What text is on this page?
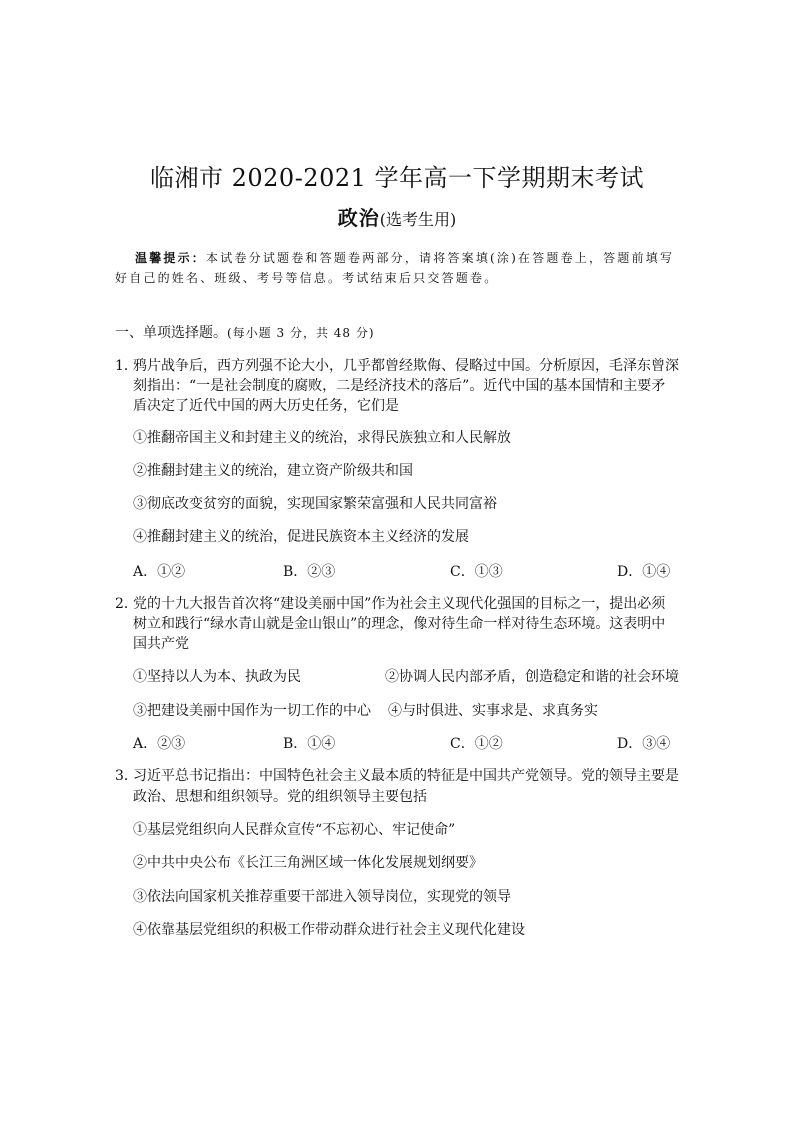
临湘市 2020-2021 学年高一下学期期末考试
政治(选考生用)
温馨提示：本试卷分试题卷和答题卷两部分，请将答案填(涂)在答题卷上，答题前填写
好自己的姓名、班级、考号等信息。考试结束后只交答题卷。
一、单项选择题。(每小题 3 分，共 48 分)
1．
鸦片战争后，西方列强不论大小，几乎都曾经欺侮、侵略过中国。分析原因，毛泽东曾深
刻指出：“一是社会制度的腐败，二是经济技术的落后”。近代中国的基本国情和主要矛
盾决定了近代中国的两大历史任务，它们是
①推翻帝国主义和封建主义的统治，求得民族独立和人民解放
②推翻封建主义的统治，建立资产阶级共和国
③彻底改变贫穷的面貌，实现国家繁荣富强和人民共同富裕
④推翻封建主义的统治，促进民族资本主义经济的发展
A．①②	B．②③	C．①③	D．①④
2．
党的十九大报告首次将“建设美丽中国”作为社会主义现代化强国的目标之一，提出必须
树立和践行“绿水青山就是金山银山”的理念，像对待生命一样对待生态环境。这表明中
国共产党
①坚持以人为本、执政为民	②协调人民内部矛盾，创造稳定和谐的社会环境
③把建设美丽中国作为一切工作的中心 ④与时俱进、实事求是、求真务实
A．②③	B．①④	C．①②	D．③④
3．
习近平总书记指出：中国特色社会主义最本质的特征是中国共产党领导。党的领导主要是
政治、思想和组织领导。党的组织领导主要包括
①基层党组织向人民群众宣传“不忘初心、牢记使命”
②中共中央公布《长江三角洲区域一体化发展规划纲要》
③依法向国家机关推荐重要干部进入领导岗位，实现党的领导
④依靠基层党组织的积极工作带动群众进行社会主义现代化建设
